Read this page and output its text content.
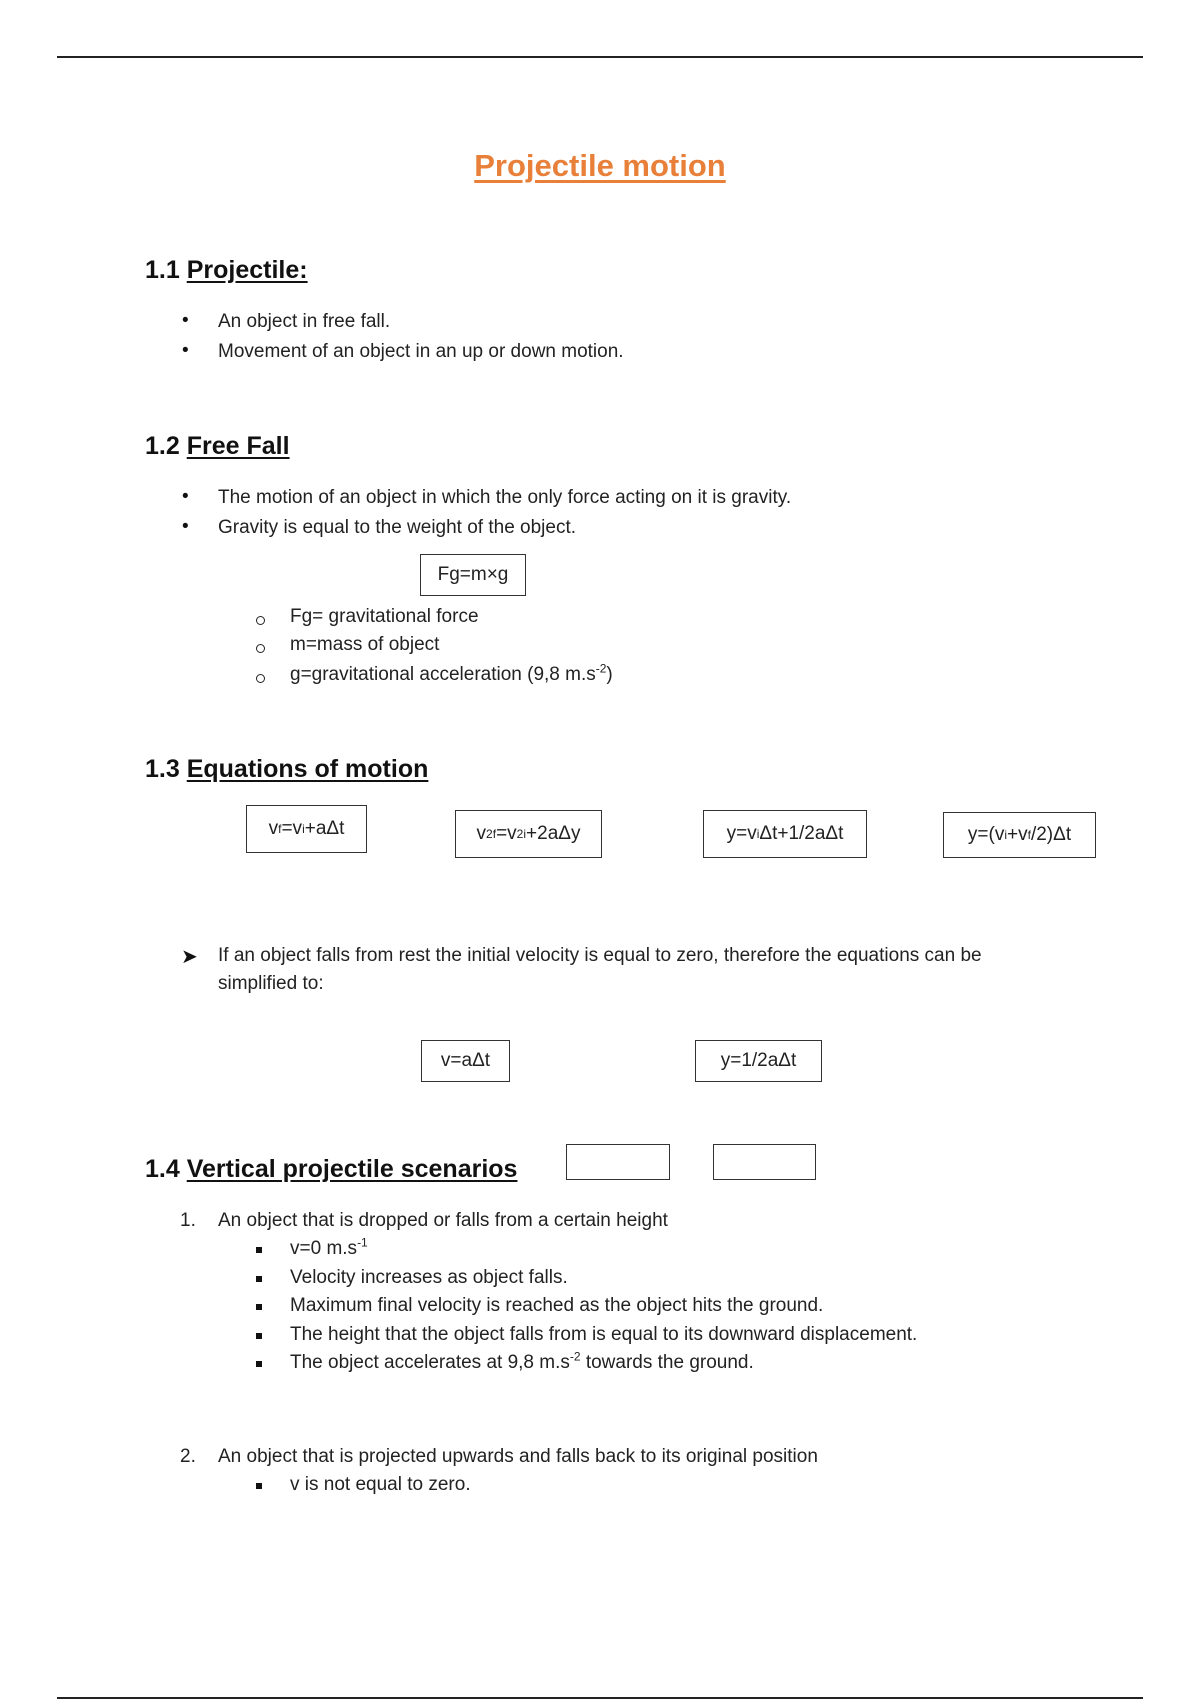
Projectile motion
1.1 Projectile:
• An object in free fall.
• Movement of an object in an up or down motion.
1.2 Free Fall
• The motion of an object in which the only force acting on it is gravity.
• Gravity is equal to the weight of the object.
Fg=m×g
Fg= gravitational force
m=mass of object
g=gravitational acceleration (9,8 $m.s^{-2}$)
1.3 Equations of motion
v f =v i +aΔt	v 2 f =v 2 i +2aΔy	y=v i Δt+1/2aΔt	y=(v i +v f /2)Δt
➤ If an object falls from rest the initial velocity is equal to zero, therefore the equations can be
simplified to:
v=aΔt	y=1/2aΔt
1.4 Vertical projectile scenarios
1. An object that is dropped or falls from a certain height
v=0 $m.s^{-1}$
Velocity increases as object falls.
Maximum final velocity is reached as the object hits the ground.
The height that the object falls from is equal to its downward displacement.
The object accelerates at 9,8 $m.s^{-2}$ towards the ground.
2. An object that is projected upwards and falls back to its original position
v is not equal to zero.
